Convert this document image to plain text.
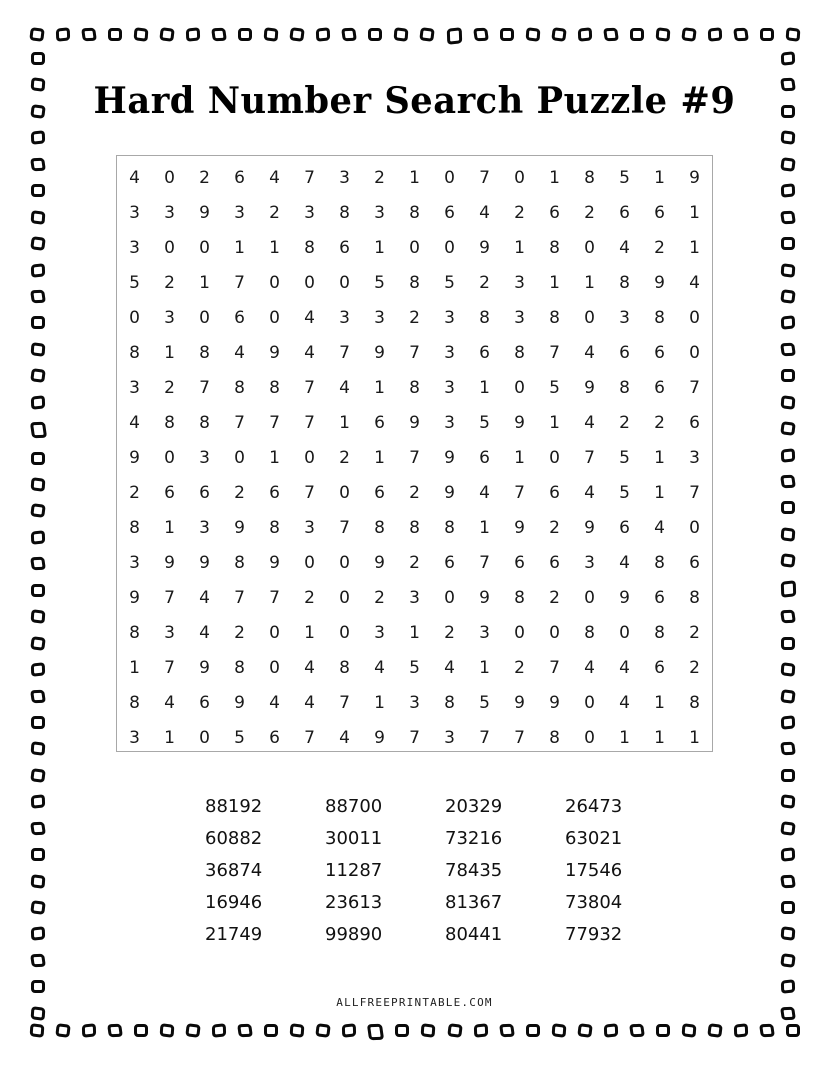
Hard Number Search Puzzle #9
4	0	2	6	4	7	3	2	1	0	7	0	1	8	5	1	9
3	3	9	3	2	3	8	3	8	6	4	2	6	2	6	6	1
3	0	0	1	1	8	6	1	0	0	9	1	8	0	4	2	1
5	2	1	7	0	0	0	5	8	5	2	3	1	1	8	9	4
0	3	0	6	0	4	3	3	2	3	8	3	8	0	3	8	0
8	1	8	4	9	4	7	9	7	3	6	8	7	4	6	6	0
3	2	7	8	8	7	4	1	8	3	1	0	5	9	8	6	7
4	8	8	7	7	7	1	6	9	3	5	9	1	4	2	2	6
9	0	3	0	1	0	2	1	7	9	6	1	0	7	5	1	3
2	6	6	2	6	7	0	6	2	9	4	7	6	4	5	1	7
8	1	3	9	8	3	7	8	8	8	1	9	2	9	6	4	0
3	9	9	8	9	0	0	9	2	6	7	6	6	3	4	8	6
9	7	4	7	7	2	0	2	3	0	9	8	2	0	9	6	8
8	3	4	2	0	1	0	3	1	2	3	0	0	8	0	8	2
1	7	9	8	0	4	8	4	5	4	1	2	7	4	4	6	2
8	4	6	9	4	4	7	1	3	8	5	9	9	0	4	1	8
3	1	0	5	6	7	4	9	7	3	7	7	8	0	1	1	1
88192	88700	20329	26473
60882	30011	73216	63021
36874	11287	78435	17546
16946	23613	81367	73804
21749	99890	80441	77932
ALLFREEPRINTABLE.COM
